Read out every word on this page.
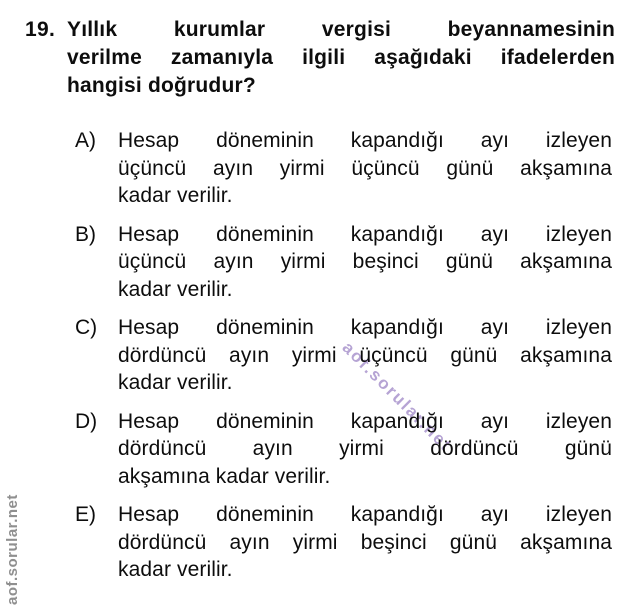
aof.sorular.net
aof.sorular.net
19. Yıllık kurumlar vergisi beyannamesinin
verilme zamanıyla ilgili aşağıdaki ifadelerden
hangisi doğrudur?
A)	Hesap döneminin kapandığı ayı izleyen
üçüncü ayın yirmi üçüncü günü akşamına
kadar verilir.
B)	Hesap döneminin kapandığı ayı izleyen
üçüncü ayın yirmi beşinci günü akşamına
kadar verilir.
C) Hesap döneminin kapandığı ayı izleyen
dördüncü ayın yirmi üçüncü günü akşamına
kadar verilir.
D) Hesap döneminin kapandığı ayı izleyen
dördüncü ayın yirmi dördüncü günü
akşamına kadar verilir.
E)	Hesap döneminin kapandığı ayı izleyen
dördüncü ayın yirmi beşinci günü akşamına
kadar verilir.
